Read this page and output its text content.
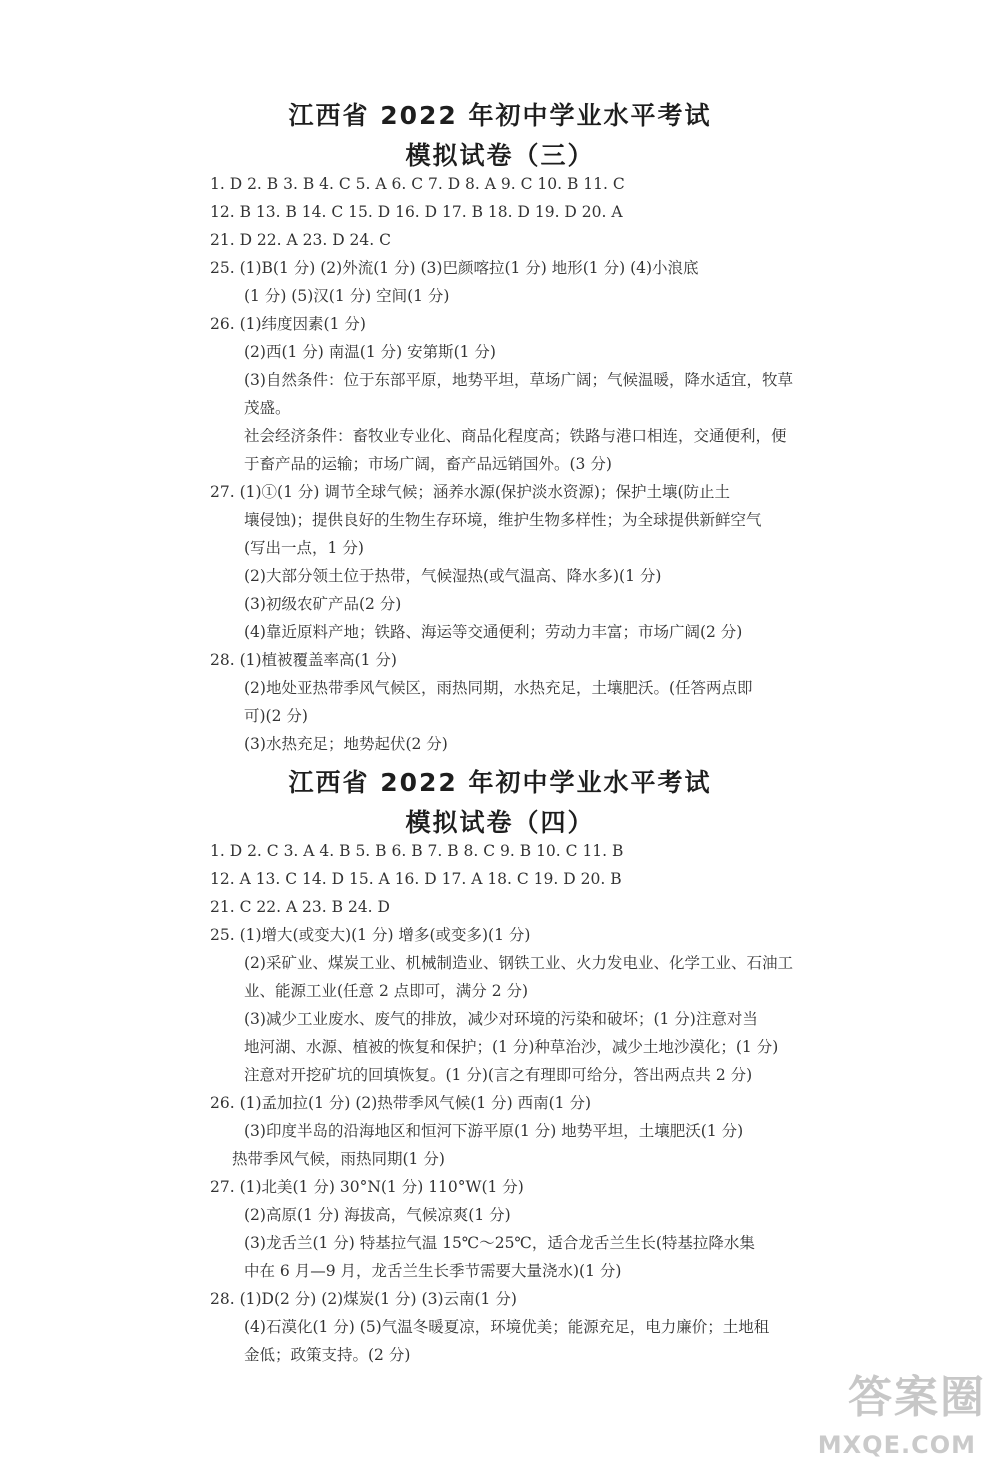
江西省 2022 年初中学业水平考试
模拟试卷（三）

1. D 2. B 3. B 4. C 5. A 6. C 7. D 8. A 9. C 10. B 11. C

12. B 13. B 14. C 15. D 16. D 17. B 18. D 19. D 20. A

21. D 22. A 23. D 24. C

25. (1)B(1 分) (2)外流(1 分) (3)巴颜喀拉(1 分) 地形(1 分) (4)小浪底

(1 分) (5)汉(1 分) 空间(1 分)

26. (1)纬度因素(1 分)

(2)西(1 分) 南温(1 分) 安第斯(1 分)

(3)自然条件：位于东部平原，地势平坦，草场广阔；气候温暖，降水适宜，牧草

茂盛。

社会经济条件：畜牧业专业化、商品化程度高；铁路与港口相连，交通便利，便

于畜产品的运输；市场广阔，畜产品远销国外。(3 分)

27. (1)①(1 分) 调节全球气候；涵养水源(保护淡水资源)；保护土壤(防止土

壤侵蚀)；提供良好的生物生存环境，维护生物多样性；为全球提供新鲜空气

(写出一点，1 分)

(2)大部分领土位于热带，气候湿热(或气温高、降水多)(1 分)

(3)初级农矿产品(2 分)

(4)靠近原料产地；铁路、海运等交通便利；劳动力丰富；市场广阔(2 分)

28. (1)植被覆盖率高(1 分)

(2)地处亚热带季风气候区，雨热同期，水热充足，土壤肥沃。(任答两点即

可)(2 分)

(3)水热充足；地势起伏(2 分)

江西省 2022 年初中学业水平考试
模拟试卷（四）

1. D 2. C 3. A 4. B 5. B 6. B 7. B 8. C 9. B 10. C 11. B

12. A 13. C 14. D 15. A 16. D 17. A 18. C 19. D 20. B

21. C 22. A 23. B 24. D

25. (1)增大(或变大)(1 分) 增多(或变多)(1 分)

(2)采矿业、煤炭工业、机械制造业、钢铁工业、火力发电业、化学工业、石油工

业、能源工业(任意 2 点即可，满分 2 分)

(3)减少工业废水、废气的排放，减少对环境的污染和破坏；(1 分)注意对当

地河湖、水源、植被的恢复和保护；(1 分)种草治沙，减少土地沙漠化；(1 分)

注意对开挖矿坑的回填恢复。(1 分)(言之有理即可给分，答出两点共 2 分)

26. (1)孟加拉(1 分) (2)热带季风气候(1 分) 西南(1 分)

(3)印度半岛的沿海地区和恒河下游平原(1 分) 地势平坦，土壤肥沃(1 分)

热带季风气候，雨热同期(1 分)

27. (1)北美(1 分) 30°N(1 分) 110°W(1 分)

(2)高原(1 分) 海拔高，气候凉爽(1 分)

(3)龙舌兰(1 分) 特基拉气温 15℃～25℃，适合龙舌兰生长(特基拉降水集

中在 6 月—9 月，龙舌兰生长季节需要大量浇水)(1 分)

28. (1)D(2 分) (2)煤炭(1 分) (3)云南(1 分)

(4)石漠化(1 分) (5)气温冬暖夏凉，环境优美；能源充足，电力廉价；土地租

金低；政策支持。(2 分)

答案圈
MXQE.COM
